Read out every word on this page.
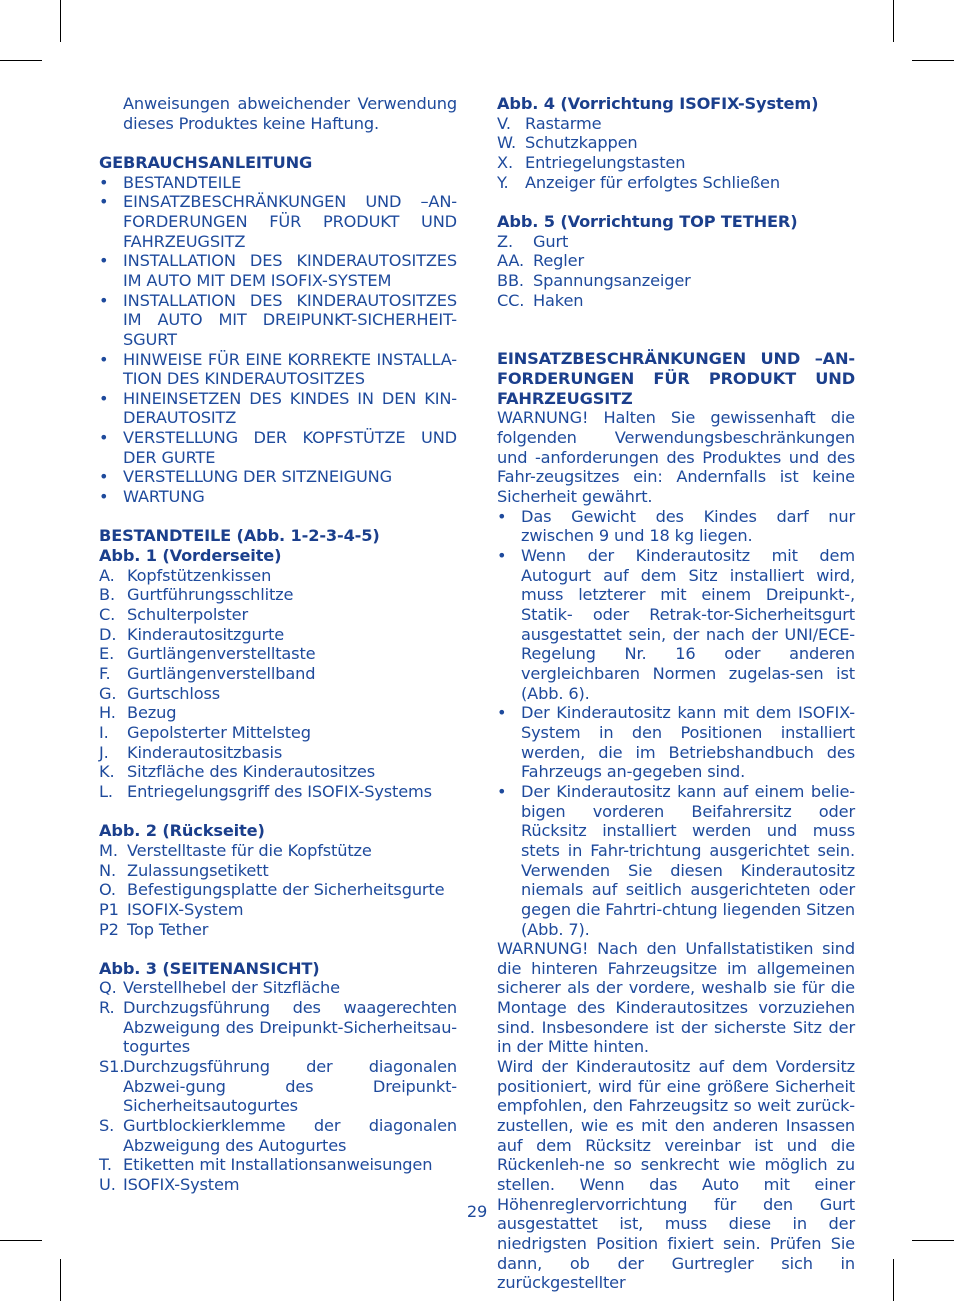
Anweisungen abweichender Verwendung dieses Produktes keine Haftung.

GEBRAUCHSANLEITUNG

• BESTANDTEILE
• EINSATZBESCHRÄNKUNGEN UND –AN-FORDERUNGEN FÜR PRODUKT UND FAHRZEUGSITZ
• INSTALLATION DES KINDERAUTOSITZES IM AUTO MIT DEM ISOFIX-SYSTEM
• INSTALLATION DES KINDERAUTOSITZES IM AUTO MIT DREIPUNKT-SICHERHEIT-SGURT
• HINWEISE FÜR EINE KORREKTE INSTALLA-TION DES KINDERAUTOSITZES
• HINEINSETZEN DES KINDES IN DEN KIN-DERAUTOSITZ
• VERSTELLUNG DER KOPFSTÜTZE UND DER GURTE
• VERSTELLUNG DER SITZNEIGUNG
• WARTUNG

BESTANDTEILE (Abb. 1-2-3-4-5)

Abb. 1 (Vorderseite)

A. Kopfstützenkissen
B. Gurtführungsschlitze
C. Schulterpolster
D. Kinderautositzgurte
E. Gurtlängenverstelltaste
F. Gurtlängenverstellband
G. Gurtschloss
H. Bezug
I. Gepolsterter Mittelsteg
J. Kinderautositzbasis
K. Sitzfläche des Kinderautositzes
L. Entriegelungsgriff des ISOFIX-Systems

Abb. 2 (Rückseite)

M. Verstelltaste für die Kopfstütze
N. Zulassungsetikett
O. Befestigungsplatte der Sicherheitsgurte
P1 ISOFIX-System
P2 Top Tether

Abb. 3 (SEITENANSICHT)

Q. Verstellhebel der Sitzfläche
R. Durchzugsführung des waagerechten Abzweigung des Dreipunkt-Sicherheitsau-togurtes
S1.
Durchzugsführung der diagonalen Abzwei-gung des Dreipunkt-Sicherheitsautogurtes
S. Gurtblockierklemme der diagonalen Abzweigung des Autogurtes
T. Etiketten mit Installationsanweisungen
U. ISOFIX-System

Abb. 4 (Vorrichtung ISOFIX-System)

V. Rastarme
W. Schutzkappen
X. Entriegelungstasten
Y. Anzeiger für erfolgtes Schließen

Abb. 5 (Vorrichtung TOP TETHER)

Z. Gurt
AA. Regler
BB. Spannungsanzeiger
CC. Haken

EINSATZBESCHRÄNKUNGEN UND –AN-FORDERUNGEN FÜR PRODUKT UND FAHRZEUGSITZ

WARNUNG! Halten Sie gewissenhaft die folgenden Verwendungsbeschränkungen und -anforderungen des Produktes und des Fahr-zeugsitzes ein: Andernfalls ist keine Sicherheit gewährt.

• Das Gewicht des Kindes darf nur zwischen 9 und 18 kg liegen.
• Wenn der Kinderautositz mit dem Autogurt auf dem Sitz installiert wird, muss letzterer mit einem Dreipunkt-, Statik- oder Retrak-tor-Sicherheitsgurt ausgestattet sein, der nach der UNI/ECE-Regelung Nr. 16 oder anderen vergleichbaren Normen zugelas-sen ist (Abb. 6).
• Der Kinderautositz kann mit dem ISOFIX-System in den Positionen installiert werden, die im Betriebshandbuch des Fahrzeugs an-gegeben sind.
• Der Kinderautositz kann auf einem belie-bigen vorderen Beifahrersitz oder Rücksitz installiert werden und muss stets in Fahr-trichtung ausgerichtet sein. Verwenden Sie diesen Kinderautositz niemals auf seitlich ausgerichteten oder gegen die Fahrtri-chtung liegenden Sitzen (Abb. 7).

WARNUNG! Nach den Unfallstatistiken sind die hinteren Fahrzeugsitze im allgemeinen sicherer als der vordere, weshalb sie für die Montage des Kinderautositzes vorzuziehen sind. Insbesondere ist der sicherste Sitz der in der Mitte hinten.

Wird der Kinderautositz auf dem Vordersitz positioniert, wird für eine größere Sicherheit empfohlen, den Fahrzeugsitz so weit zurück-zustellen, wie es mit den anderen Insassen auf dem Rücksitz vereinbar ist und die Rückenleh-ne so senkrecht wie möglich zu stellen. Wenn das Auto mit einer Höhenreglervorrichtung für den Gurt ausgestattet ist, muss diese in der niedrigsten Position fixiert sein. Prüfen Sie dann, ob der Gurtregler sich in zurückgestellter

29
